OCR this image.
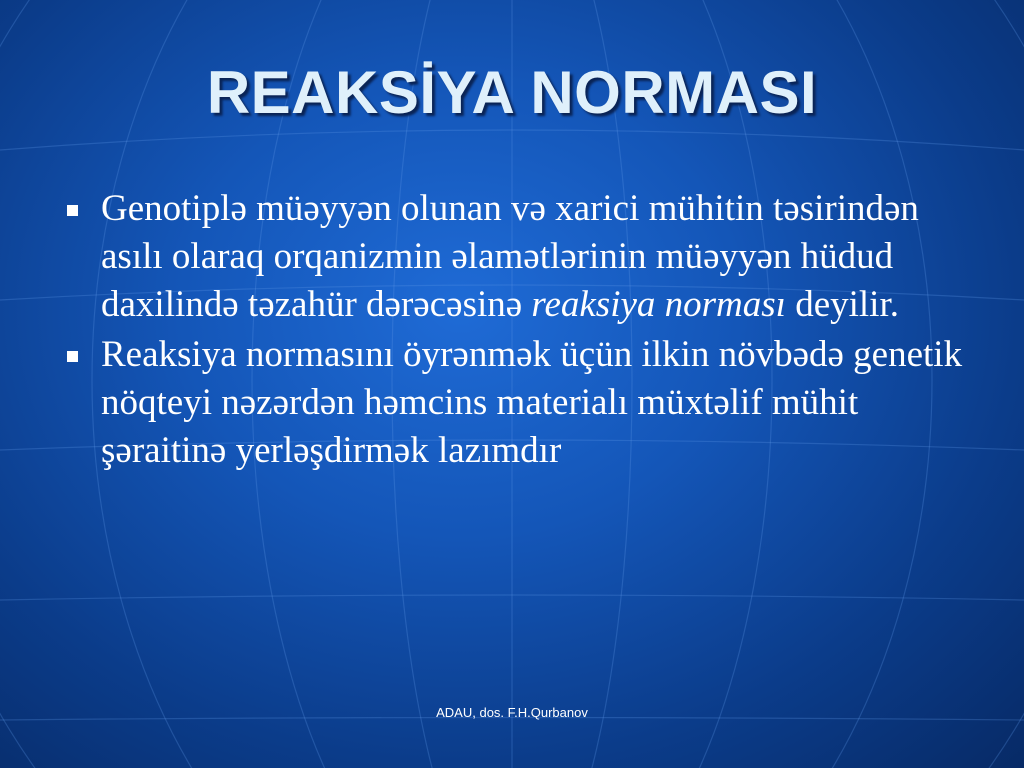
REAKSİYA NORMASI
Genotiplə müəyyən olunan və xarici mühitin təsirindən asılı olaraq orqanizmin əlamətlərinin müəyyən hüdud daxilində təzahür dərəcəsinə reaksiya norması deyilir.
Reaksiya normasını öyrənmək üçün ilkin növbədə genetik nöqteyi nəzərdən həmcins materialı müxtəlif mühit şəraitinə yerləşdirmək lazımdır
ADAU, dos. F.H.Qurbanov
